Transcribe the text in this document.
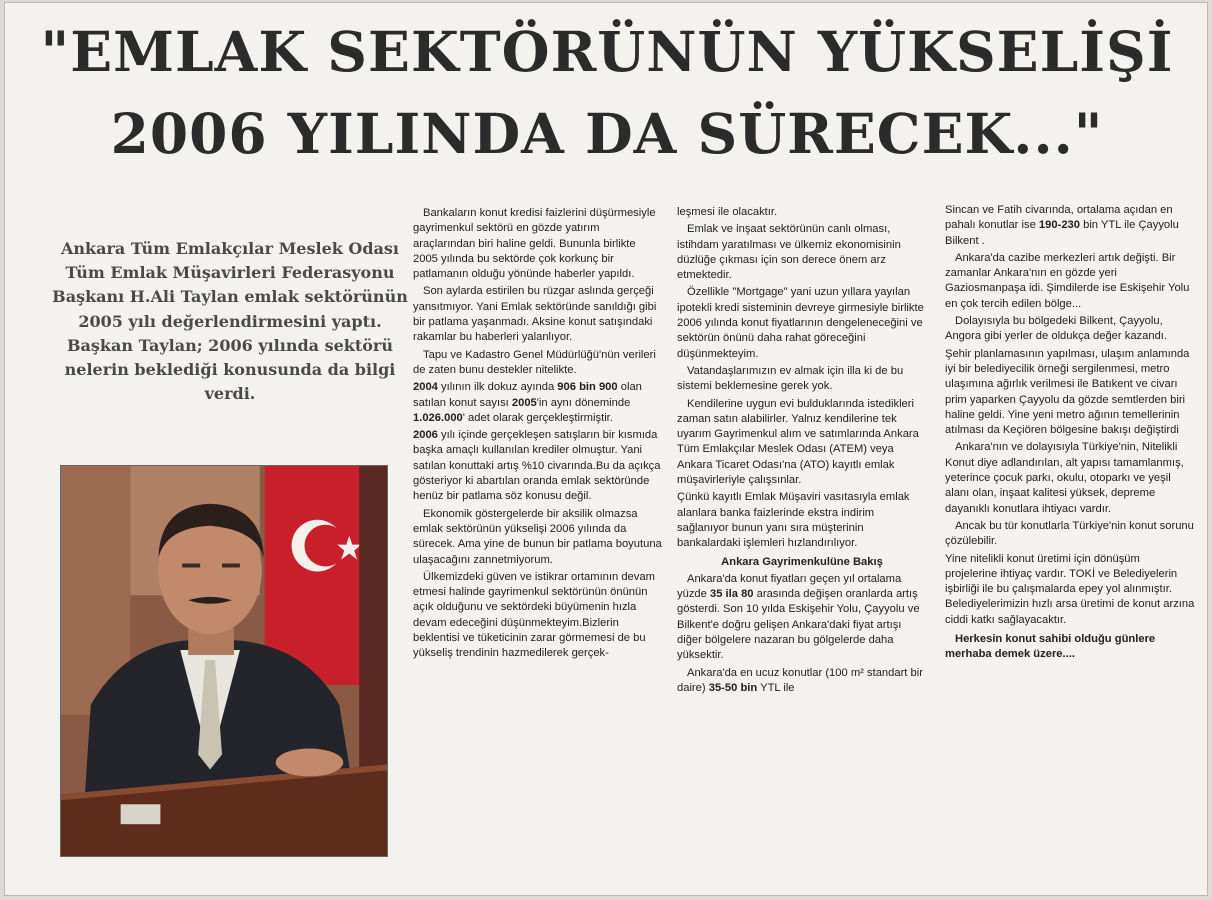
"EMLAK SEKTÖRÜNÜN YÜKSELİŞİ
2006 YILINDA DA SÜRECEK..."
Ankara Tüm Emlakçılar Meslek Odası Tüm Emlak Müşavirleri Federasyonu Başkanı H.Ali Taylan emlak sektörünün 2005 yılı değerlendirmesini yaptı. Başkan Taylan; 2006 yılında sektörü nelerin beklediği konusunda da bilgi verdi.

Bankaların konut kredisi faizlerini düşürmesiyle gayrimenkul sektörü en gözde yatırım araçlarından biri haline geldi. Bununla birlikte 2005 yılında bu sektörde çok korkunç bir patlamanın olduğu yönünde haberler yapıldı.

Son aylarda estirilen bu rüzgar aslında gerçeği yansıtmıyor. Yani Emlak sektöründe sanıldığı gibi bir patlama yaşanmadı. Aksine konut satışındaki rakamlar bu haberleri yalanlıyor.

Tapu ve Kadastro Genel Müdürlüğü'nün verileri de zaten bunu destekler nitelikte.

2004 yılının ilk dokuz ayında 906 bin 900 olan satılan konut sayısı 2005'in aynı döneminde 1.026.000' adet olarak gerçekleştirmiştir.

2006 yılı içinde gerçekleşen satışların bir kısmıda başka amaçlı kullanılan krediler olmuştur. Yani satılan konuttaki artış %10 civarında.Bu da açıkça gösteriyor ki abartılan oranda emlak sektöründe henüz bir patlama söz konusu değil.

Ekonomik göstergelerde bir aksilik olmazsa emlak sektörünün yükselişi 2006 yılında da sürecek. Ama yine de bunun bir patlama boyutuna ulaşacağını zannetmiyorum.

Ülkemizdeki güven ve istikrar ortamının devam etmesi halinde gayrimenkul sektörünün önünün açık olduğunu ve sektördeki büyümenin hızla devam edeceğini düşünmekteyim.Bizlerin beklentisi ve tüketicinin zarar görmemesi de bu yükseliş trendinin hazmedilerek gerçek-

leşmesi ile olacaktır.

Emlak ve inşaat sektörünün canlı olması, istihdam yaratılması ve ülkemiz ekonomisinin düzlüğe çıkması için son derece önem arz etmektedir.

Özellikle "Mortgage" yani uzun yıllara yayılan ipotekli kredi sisteminin devreye girmesiyle birlikte 2006 yılında konut fiyatlarının dengeleneceğini ve sektörün önünü daha rahat göreceğini düşünmekteyim.

Vatandaşlarımızın ev almak için illa ki de bu sistemi beklemesine gerek yok.

Kendilerine uygun evi bulduklarında istedikleri zaman satın alabilirler. Yalnız kendilerine tek uyarım Gayrimenkul alım ve satımlarında Ankara Tüm Emlakçılar Meslek Odası (ATEM) veya Ankara Ticaret Odası'na (ATO) kayıtlı emlak müşavirleriyle çalışsınlar.

Çünkü kayıtlı Emlak Müşaviri vasıtasıyla emlak alanlara banka faizlerinde ekstra indirim sağlanıyor bunun yanı sıra müşterinin bankalardaki işlemleri hızlandırılıyor.

Ankara Gayrimenkulüne Bakış

Ankara'da konut fiyatları geçen yıl ortalama yüzde 35 ila 80 arasında değişen oranlarda artış gösterdi. Son 10 yılda Eskişehir Yolu, Çayyolu ve Bilkent'e doğru gelişen Ankara'daki fiyat artışı diğer bölgelere nazaran bu gölgelerde daha yüksektir.

Ankara'da en ucuz konutlar (100 m² standart bir daire) 35-50 bin YTL ile

Sincan ve Fatih civarında, ortalama açıdan en pahalı konutlar ise 190-230 bin YTL ile Çayyolu Bilkent .

Ankara'da cazibe merkezleri artık değişti. Bir zamanlar Ankara'nın en gözde yeri Gaziosmanpaşa idi. Şimdilerde ise Eskişehir Yolu en çok tercih edilen bölge...

Dolayısıyla bu bölgedeki Bilkent, Çayyolu, Angora gibi yerler de oldukça değer kazandı.

Şehir planlamasının yapılması, ulaşım anlamında iyi bir belediyecilik örneği sergilenmesi, metro ulaşımına ağırlık verilmesi ile Batıkent ve civarı prim yaparken Çayyolu da gözde semtlerden biri haline geldi. Yine yeni metro ağının temellerinin atılması da Keçiören bölgesine bakışı değiştirdi

Ankara'nın ve dolayısıyla Türkiye'nin, Nitelikli Konut diye adlandırılan, alt yapısı tamamlanmış, yeterince çocuk parkı, okulu, otoparkı ve yeşil alanı olan, inşaat kalitesi yüksek, depreme dayanıklı konutlara ihtiyacı vardır.

Ancak bu tür konutlarla Türkiye'nin konut sorunu çözülebilir.

Yine nitelikli konut üretimi için dönüşüm projelerine ihtiyaç vardır. TOKİ ve Belediyelerin işbirliği ile bu çalışmalarda epey yol alınmıştır. Belediyelerimizin hızlı arsa üretimi de konut arzına ciddi katkı sağlayacaktır.

Herkesin konut sahibi olduğu günlere merhaba demek üzere....
